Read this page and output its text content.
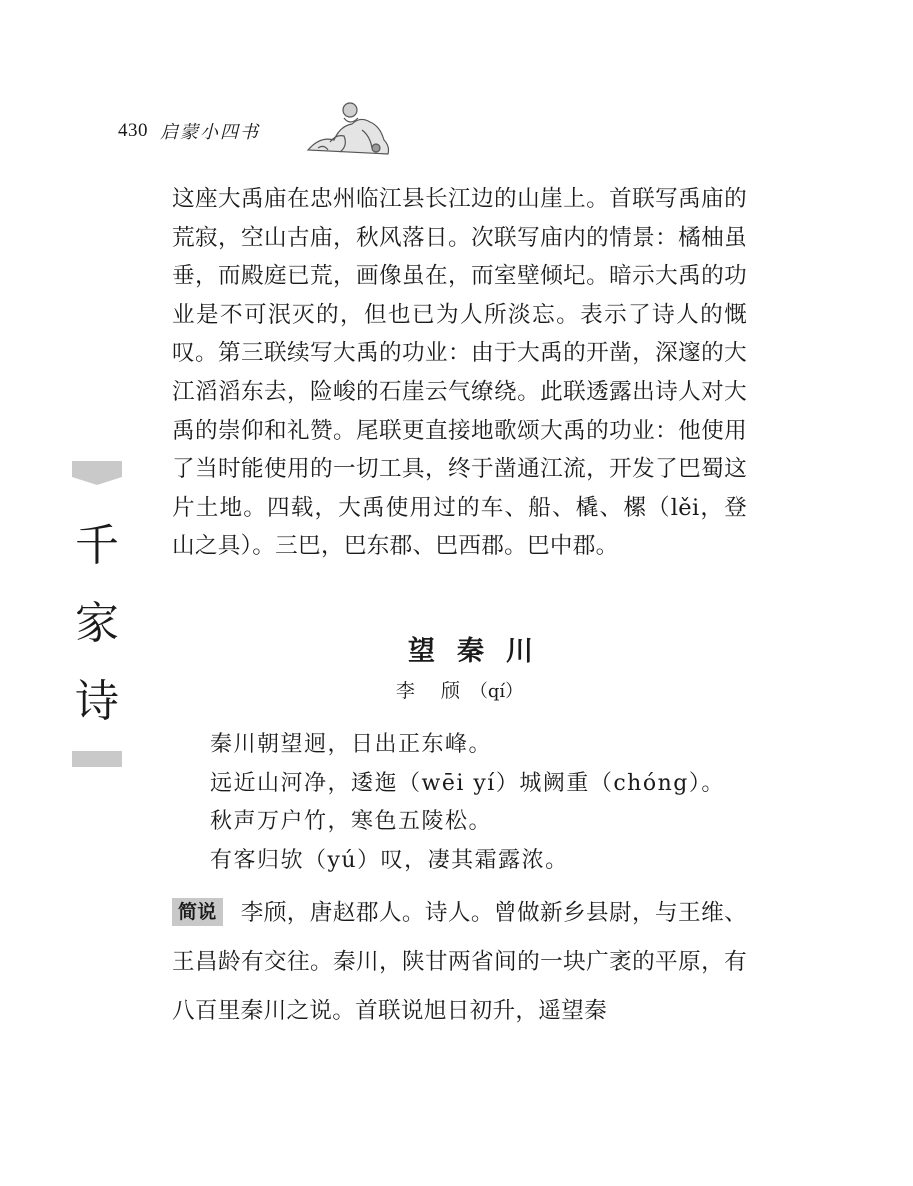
430 启蒙小四书

这座大禹庙在忠州临江县长江边的山崖上。首联写禹庙的荒寂，空山古庙，秋风落日。次联写庙内的情景：橘柚虽垂，而殿庭已荒，画像虽在，而室壁倾圮。暗示大禹的功业是不可泯灭的，但也已为人所淡忘。表示了诗人的慨叹。第三联续写大禹的功业：由于大禹的开凿，深邃的大江滔滔东去，险峻的石崖云气缭绕。此联透露出诗人对大禹的崇仰和礼赞。尾联更直接地歌颂大禹的功业：他使用了当时能使用的一切工具，终于凿通江流，开发了巴蜀这片土地。四载，大禹使用过的车、船、橇、樏（lěi，登山之具）。三巴，巴东郡、巴西郡。巴中郡。

望秦川
李 颀（qí）

秦川朝望迥，日出正东峰。

远近山河净，逶迤（wēi yí）城阙重（chóng）。

秋声万户竹，寒色五陵松。

有客归欤（yú）叹，凄其霜露浓。

简说 李颀，唐赵郡人。诗人。曾做新乡县尉，与王维、王昌龄有交往。秦川，陕甘两省间的一块广袤的平原，有八百里秦川之说。首联说旭日初升，遥望秦

千
家
诗
